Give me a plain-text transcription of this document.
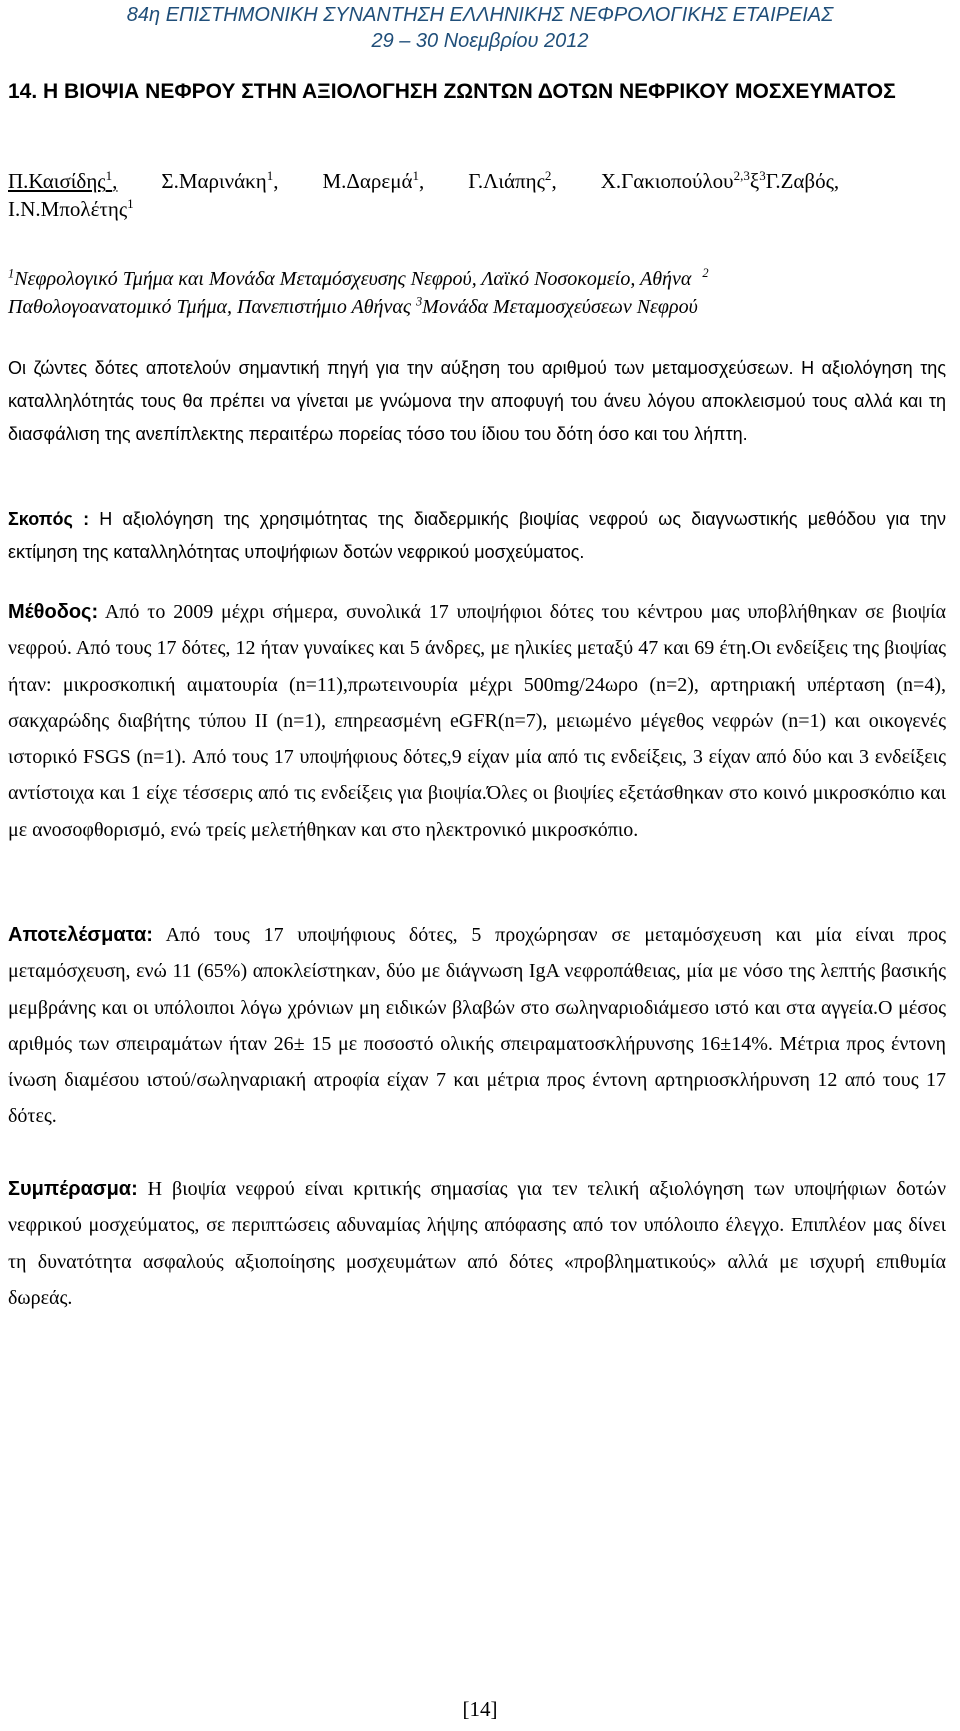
84η ΕΠΙΣΤΗΜΟΝΙΚΗ ΣΥΝΑΝΤΗΣΗ ΕΛΛΗΝΙΚΗΣ ΝΕΦΡΟΛΟΓΙΚΗΣ ΕΤΑΙΡΕΙΑΣ
29 – 30 Νοεμβρίου 2012
14. Η ΒΙΟΨΙΑ ΝΕΦΡΟΥ ΣΤΗΝ ΑΞΙΟΛΟΓΗΣΗ ΖΩΝΤΩΝ ΔΟΤΩΝ ΝΕΦΡΙΚΟΥ ΜΟΣΧΕΥΜΑΤΟΣ
Π.Καισίδης$^1$, Σ.Μαρινάκη$^1$, Μ.Δαρεμά$^1$, Γ.Λιάπης$^2$, $X.\Gamma\alpha\kappa\iota o\pi oύ\lambda o\upsilon^{2,3}\xi^3\Gamma.Z\alpha\beta ό\varsigma$,
Ι.Ν.Μπολέτης$^1$
$^1$Νεφρολογικό Τμήμα και Μονάδα Μεταμόσχευσης Νεφρού, Λαϊκό Νοσοκομείο, Αθήνα $^2$
Παθολογοανατομικό Τμήμα, Πανεπιστήμιο Αθήνας $^3$Μονάδα Μεταμοσχεύσεων Νεφρού
Οι ζώντες δότες αποτελούν σημαντική πηγή για την αύξηση του αριθμού των μεταμοσχεύσεων. Η αξιολόγηση της καταλληλότητάς τους θα πρέπει να γίνεται με γνώμονα την αποφυγή του άνευ λόγου αποκλεισμού τους αλλά και τη διασφάλιση της ανεπίπλεκτης περαιτέρω πορείας τόσο του ίδιου του δότη όσο και του λήπτη.
Σκοπός : Η αξιολόγηση της χρησιμότητας της διαδερμικής βιοψίας νεφρού ως διαγνωστικής μεθόδου για την εκτίμηση της καταλληλότητας υποψήφιων δοτών νεφρικού μοσχεύματος.
Μέθοδος: Από το 2009 μέχρι σήμερα, συνολικά 17 υποψήφιοι δότες του κέντρου μας υποβλήθηκαν σε βιοψία νεφρού. Από τους 17 δότες, 12 ήταν γυναίκες και 5 άνδρες, με ηλικίες μεταξύ 47 και 69 έτη.Οι ενδείξεις της βιοψίας ήταν: μικροσκοπική αιματουρία (n=11),πρωτεινουρία μέχρι 500mg/24ωρο (n=2), αρτηριακή υπέρταση (n=4), σακχαρώδης διαβήτης τύπου ΙΙ (n=1), επηρεασμένη eGFR(n=7), μειωμένο μέγεθος νεφρών (n=1) και οικογενές ιστορικό FSGS (n=1). Από τους 17 υποψήφιους δότες,9 είχαν μία από τις ενδείξεις, 3 είχαν από δύο και 3 ενδείξεις αντίστοιχα και 1 είχε τέσσερις από τις ενδείξεις για βιοψία.Όλες οι βιοψίες εξετάσθηκαν στο κοινό μικροσκόπιο και με ανοσοφθορισμό, ενώ τρείς μελετήθηκαν και στο ηλεκτρονικό μικροσκόπιο.
Αποτελέσματα: Από τους 17 υποψήφιους δότες, 5 προχώρησαν σε μεταμόσχευση και μία είναι προς μεταμόσχευση, ενώ 11 (65%) αποκλείστηκαν, δύο με διάγνωση IgA νεφροπάθειας, μία με νόσο της λεπτής βασικής μεμβράνης και οι υπόλοιποι λόγω χρόνιων μη ειδικών βλαβών στο σωληναριοδιάμεσο ιστό και στα αγγεία.Ο μέσος αριθμός των σπειραμάτων ήταν 26± 15 με ποσοστό ολικής σπειραματοσκλήρυνσης 16±14%. Μέτρια προς έντονη ίνωση διαμέσου ιστού/σωληναριακή ατροφία είχαν 7 και μέτρια προς έντονη αρτηριοσκλήρυνση 12 από τους 17 δότες.
Συμπέρασμα: Η βιοψία νεφρού είναι κριτικής σημασίας για τεν τελική αξιολόγηση των υποψήφιων δοτών νεφρικού μοσχεύματος, σε περιπτώσεις αδυναμίας λήψης απόφασης από τον υπόλοιπο έλεγχο. Επιπλέον μας δίνει τη δυνατότητα ασφαλούς αξιοποίησης μοσχευμάτων από δότες «προβληματικούς» αλλά με ισχυρή επιθυμία δωρεάς.
[14]
